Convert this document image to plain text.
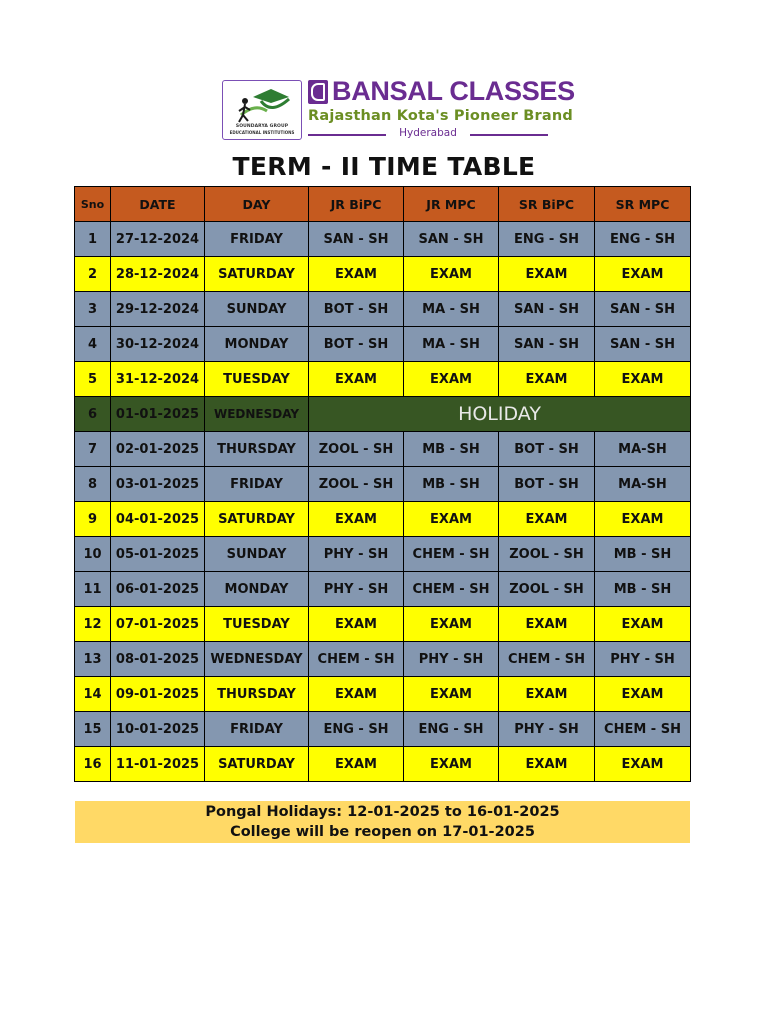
SOUNDARYA GROUP
EDUCATIONAL INSTITUTIONS
BANSAL CLASSES
Rajasthan Kota's Pioneer Brand
Hyderabad
TERM - II TIME TABLE
Sno	DATE	DAY	JR BiPC	JR MPC	SR BiPC	SR MPC
1	27-12-2024	FRIDAY	SAN - SH	SAN - SH	ENG - SH	ENG - SH
2	28-12-2024	SATURDAY	EXAM	EXAM	EXAM	EXAM
3	29-12-2024	SUNDAY	BOT - SH	MA - SH	SAN - SH	SAN - SH
4	30-12-2024	MONDAY	BOT - SH	MA - SH	SAN - SH	SAN - SH
5	31-12-2024	TUESDAY	EXAM	EXAM	EXAM	EXAM
6	01-01-2025	WEDNESDAY	HOLIDAY			
7	02-01-2025	THURSDAY	ZOOL - SH	MB - SH	BOT - SH	MA-SH
8	03-01-2025	FRIDAY	ZOOL - SH	MB - SH	BOT - SH	MA-SH
9	04-01-2025	SATURDAY	EXAM	EXAM	EXAM	EXAM
10	05-01-2025	SUNDAY	PHY - SH	CHEM - SH	ZOOL - SH	MB - SH
11	06-01-2025	MONDAY	PHY - SH	CHEM - SH	ZOOL - SH	MB - SH
12	07-01-2025	TUESDAY	EXAM	EXAM	EXAM	EXAM
13	08-01-2025	WEDNESDAY	CHEM - SH	PHY - SH	CHEM - SH	PHY - SH
14	09-01-2025	THURSDAY	EXAM	EXAM	EXAM	EXAM
15	10-01-2025	FRIDAY	ENG - SH	ENG - SH	PHY - SH	CHEM - SH
16	11-01-2025	SATURDAY	EXAM	EXAM	EXAM	EXAM
Pongal Holidays: 12-01-2025 to 16-01-2025
College will be reopen on 17-01-2025
